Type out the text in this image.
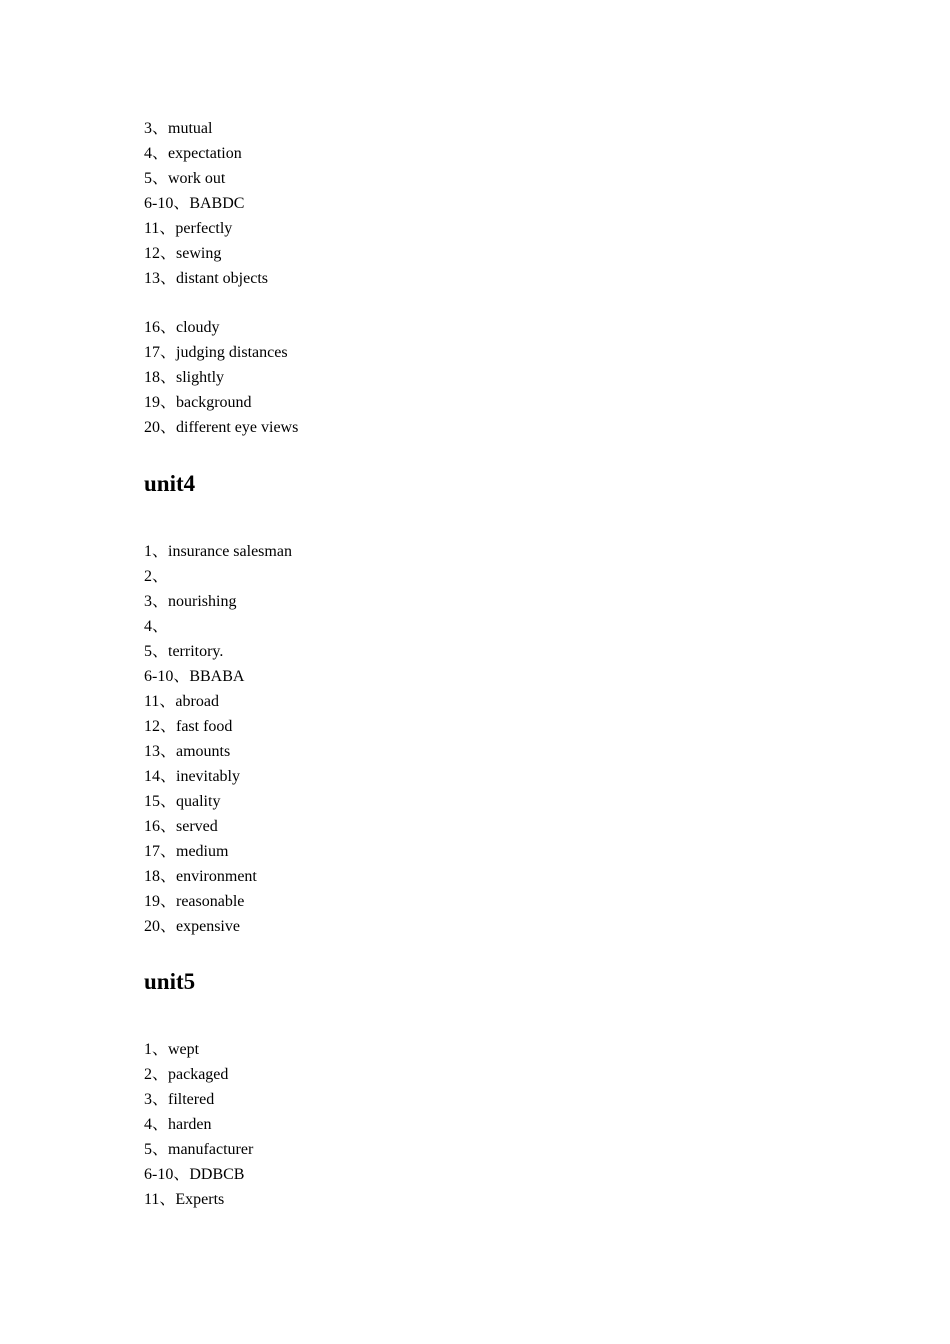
3、mutual
4、expectation
5、work out
6-10、BABDC
11、perfectly
12、sewing
13、distant objects
16、cloudy
17、judging distances
18、slightly
19、background
20、different eye views
unit4
1、insurance salesman
2、
3、nourishing
4、
5、territory.
6-10、BBABA
11、abroad
12、fast food
13、amounts
14、inevitably
15、quality
16、served
17、medium
18、environment
19、reasonable
20、expensive
unit5
1、wept
2、packaged
3、filtered
4、harden
5、manufacturer
6-10、DDBCB
11、Experts
